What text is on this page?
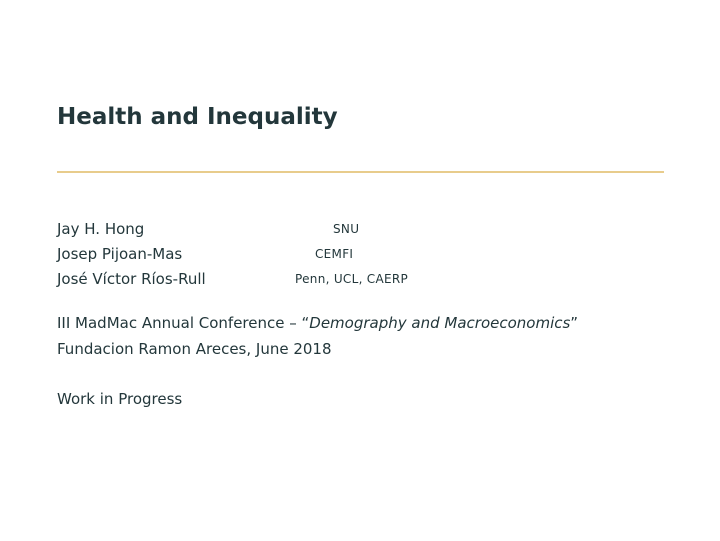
Health and Inequality
Jay H. Hong	SNU
Josep Pijoan-Mas	CEMFI
José Víctor Ríos-Rull	Penn, UCL, CAERP
III MadMac Annual Conference – “Demography and Macroeconomics”
Fundacion Ramon Areces, June 2018
Work in Progress
